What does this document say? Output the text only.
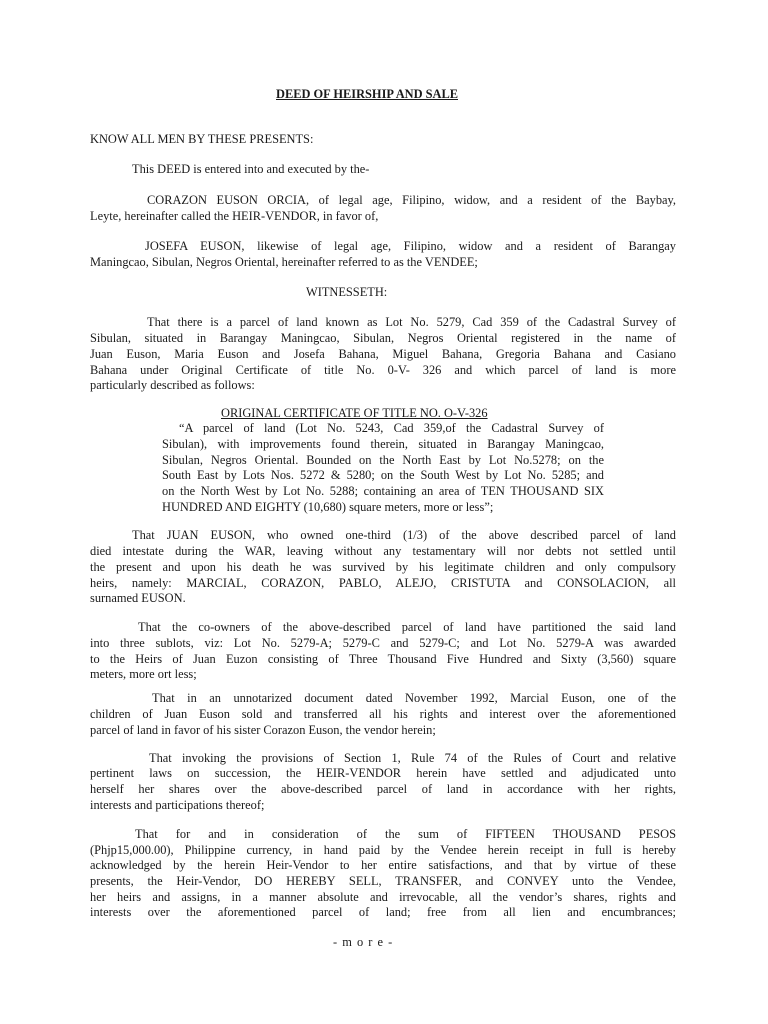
DEED OF HEIRSHIP AND SALE
KNOW ALL MEN BY THESE PRESENTS:
This DEED is entered into and executed by the-
CORAZON EUSON ORCIA, of legal age, Filipino, widow, and a resident of the Baybay,
Leyte, hereinafter called the HEIR-VENDOR, in favor of,
JOSEFA EUSON, likewise of legal age, Filipino, widow and a resident of Barangay
Maningcao, Sibulan, Negros Oriental, hereinafter referred to as the VENDEE;
WITNESSETH:
That there is a parcel of land known as Lot No. 5279, Cad 359 of the Cadastral Survey of
Sibulan, situated in Barangay Maningcao, Sibulan, Negros Oriental registered in the name of
Juan Euson, Maria Euson and Josefa Bahana, Miguel Bahana, Gregoria Bahana and Casiano
Bahana under Original Certificate of title No. 0-V- 326 and which parcel of land is more
particularly described as follows:
ORIGINAL CERTIFICATE OF TITLE NO. O-V-326
“A parcel of land (Lot No. 5243, Cad 359,of the Cadastral Survey of
Sibulan), with improvements found therein, situated in Barangay Maningcao,
Sibulan, Negros Oriental. Bounded on the North East by Lot No.5278; on the
South East by Lots Nos. 5272 & 5280; on the South West by Lot No. 5285; and
on the North West by Lot No. 5288; containing an area of TEN THOUSAND SIX
HUNDRED AND EIGHTY (10,680) square meters, more or less”;
That JUAN EUSON, who owned one-third (1/3) of the above described parcel of land
died intestate during the WAR, leaving without any testamentary will nor debts not settled until
the present and upon his death he was survived by his legitimate children and only compulsory
heirs, namely: MARCIAL, CORAZON, PABLO, ALEJO, CRISTUTA and CONSOLACION, all
surnamed EUSON.
That the co-owners of the above-described parcel of land have partitioned the said land
into three sublots, viz: Lot No. 5279-A; 5279-C and 5279-C; and Lot No. 5279-A was awarded
to the Heirs of Juan Euzon consisting of Three Thousand Five Hundred and Sixty (3,560) square
meters, more ort less;
That in an unnotarized document dated November 1992, Marcial Euson, one of the
children of Juan Euson sold and transferred all his rights and interest over the aforementioned
parcel of land in favor of his sister Corazon Euson, the vendor herein;
That invoking the provisions of Section 1, Rule 74 of the Rules of Court and relative
pertinent laws on succession, the HEIR-VENDOR herein have settled and adjudicated unto
herself her shares over the above-described parcel of land in accordance with her rights,
interests and participations thereof;
That for and in consideration of the sum of FIFTEEN THOUSAND PESOS
(Phjp15,000.00), Philippine currency, in hand paid by the Vendee herein receipt in full is hereby
acknowledged by the herein Heir-Vendor to her entire satisfactions, and that by virtue of these
presents, the Heir-Vendor, DO HEREBY SELL, TRANSFER, and CONVEY unto the Vendee,
her heirs and assigns, in a manner absolute and irrevocable, all the vendor’s shares, rights and
interests over the aforementioned parcel of land; free from all lien and encumbrances;
- m o r e -
